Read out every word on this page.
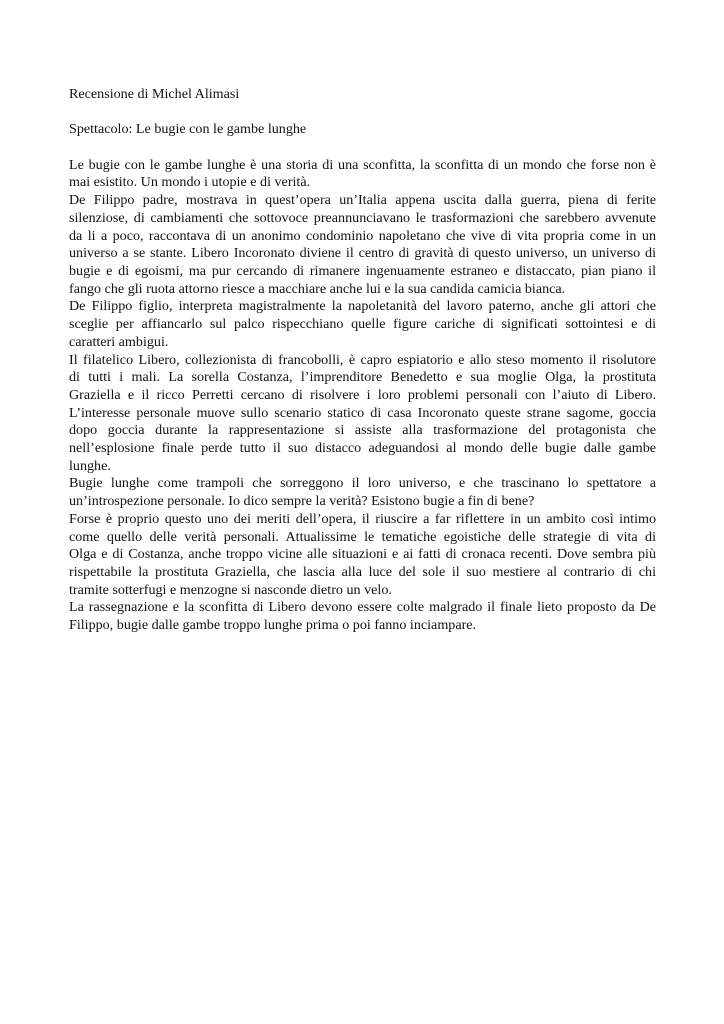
Recensione di Michel Alimasi

Spettacolo: Le bugie con le gambe lunghe

Le bugie con le gambe lunghe è una storia di una sconfitta, la sconfitta di un mondo che forse non è
mai esistito. Un mondo i utopie e di verità.

De Filippo padre, mostrava in quest’opera un’Italia appena uscita dalla guerra, piena di ferite
silenziose, di cambiamenti che sottovoce preannunciavano le trasformazioni che sarebbero avvenute
da li a poco, raccontava di un anonimo condominio napoletano che vive di vita propria come in un
universo a se stante. Libero Incoronato diviene il centro di gravità di questo universo, un universo di
bugie e di egoismi, ma pur cercando di rimanere ingenuamente estraneo e distaccato, pian piano il
fango che gli ruota attorno riesce a macchiare anche lui e la sua candida camicia bianca.

De Filippo figlio, interpreta magistralmente la napoletanità del lavoro paterno, anche gli attori che
sceglie per affiancarlo sul palco rispecchiano quelle figure cariche di significati sottointesi e di
caratteri ambigui.

Il filatelico Libero, collezionista di francobolli, è capro espiatorio e allo steso momento il risolutore
di tutti i mali. La sorella Costanza, l’imprenditore Benedetto e sua moglie Olga, la prostituta
Graziella e il ricco Perretti cercano di risolvere i loro problemi personali con l’aiuto di Libero.
L’interesse personale muove sullo scenario statico di casa Incoronato queste strane sagome, goccia
dopo goccia durante la rappresentazione si assiste alla trasformazione del protagonista che
nell’esplosione finale perde tutto il suo distacco adeguandosi al mondo delle bugie dalle gambe
lunghe.

Bugie lunghe come trampoli che sorreggono il loro universo, e che trascinano lo spettatore a
un’introspezione personale. Io dico sempre la verità? Esistono bugie a fin di bene?

Forse è proprio questo uno dei meriti dell’opera, il riuscire a far riflettere in un ambito così intimo
come quello delle verità personali. Attualissime le tematiche egoistiche delle strategie di vita di
Olga e di Costanza, anche troppo vicine alle situazioni e ai fatti di cronaca recenti. Dove sembra più
rispettabile la prostituta Graziella, che lascia alla luce del sole il suo mestiere al contrario di chi
tramite sotterfugi e menzogne si nasconde dietro un velo.

La rassegnazione e la sconfitta di Libero devono essere colte malgrado il finale lieto proposto da De
Filippo, bugie dalle gambe troppo lunghe prima o poi fanno inciampare.
